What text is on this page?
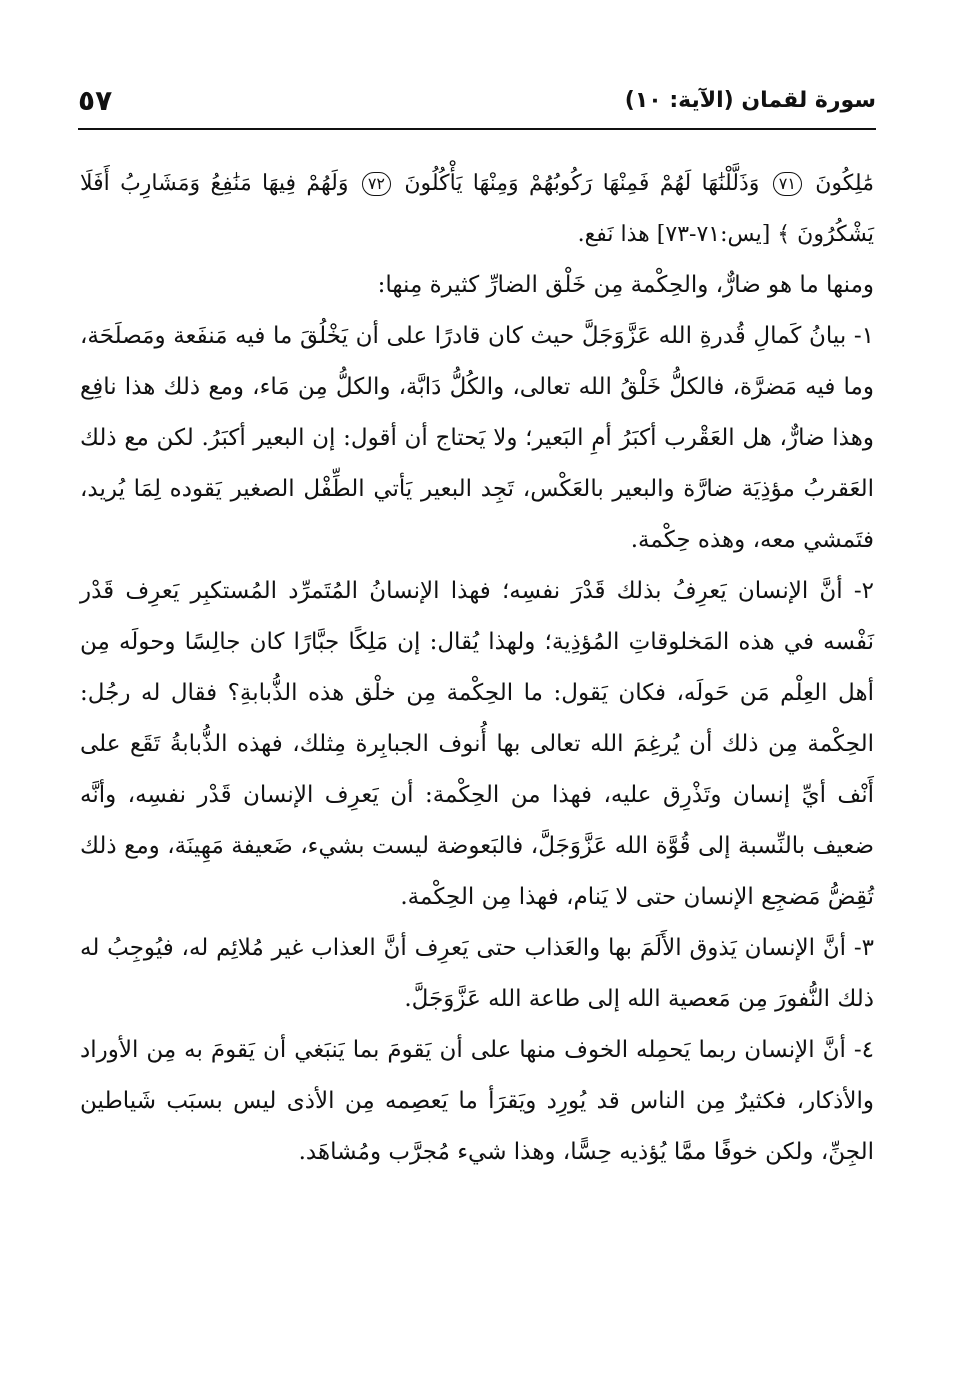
سورة لقمان (الآية: ١٠)
٥٧

مَٰلِكُونَ ٧١ وَذَلَّلْنَٰهَا لَهُمْ فَمِنْهَا رَكُوبُهُمْ وَمِنْهَا يَأْكُلُونَ ٧٢ وَلَهُمْ فِيهَا مَنَٰفِعُ وَمَشَارِبُ أَفَلَا يَشْكُرُونَ ﴾ [يس:٧١-٧٣] هذا نَفع.

ومنها ما هو ضارٌّ، والحِكْمة مِن خَلْق الضارِّ كثيرة مِنها:

١- بيانُ كَمالِ قُدرةِ الله عَزَّوَجَلَّ حيث كان قادرًا على أن يَخْلُقَ ما فيه مَنفَعة ومَصلَحَة، وما فيه مَضرَّة، فالكلُّ خَلْقُ الله تعالى، والكُلُّ دَابَّة، والكلُّ مِن مَاء، ومع ذلك هذا نافِع وهذا ضارٌّ، هل العَقْرب أكبَرُ أمِ البَعير؛ ولا يَحتاج أن أقول: إن البعير أكبَرُ. لكن مع ذلك العَقربُ مؤذِيَة ضارَّة والبعير بالعَكْس، تَجِد البعير يَأتي الطِّفْل الصغير يَقوده لِمَا يُريد، فتَمشي معه، وهذه حِكْمة.

٢- أنَّ الإنسان يَعرِفُ بذلك قَدْرَ نفسِه؛ فهذا الإنسانُ المُتَمرِّد المُستكبِر يَعرِف قَدْر نَفْسه في هذه المَخلوقاتِ المُؤذِية؛ ولهذا يُقال: إن مَلِكًا جبَّارًا كان جالِسًا وحولَه مِن أهل العِلْم مَن حَولَه، فكان يَقول: ما الحِكْمة مِن خلْق هذه الذُّبابةِ؟ فقال له رجُل: الحِكْمة مِن ذلك أن يُرغِمَ الله تعالى بها أُنوف الجبابِرة مِثلك، فهذه الذُّبابةُ تَقَع على أَنْف أيِّ إنسان وتَذْرِق عليه، فهذا من الحِكْمة: أن يَعرِف الإنسان قَدْر نفسِه، وأنَّه ضعيف بالنِّسبة إلى قُوَّة الله عَزَّوَجَلَّ، فالبَعوضة ليست بشيء، ضَعيفة مَهِينَة، ومع ذلك تُقِضُّ مَضجِع الإنسان حتى لا يَنام، فهذا مِن الحِكْمة.

٣- أنَّ الإنسان يَذوق الأَلَمَ بها والعَذاب حتى يَعرِف أنَّ العذاب غير مُلائِم له، فيُوجِبُ له ذلك النُّفورَ مِن مَعصية الله إلى طاعة الله عَزَّوَجَلَّ.

٤- أنَّ الإنسان ربما يَحمِله الخوف منها على أن يَقومَ بما يَنبَغي أن يَقومَ به مِن الأوراد والأذكار، فكثيرٌ مِن الناس قد يُورِد ويَقرَأ ما يَعصِمه مِن الأذى ليس بسبَب شَياطين الجِنِّ، ولكن خوفًا ممَّا يُؤذيه حِسًّا، وهذا شيء مُجرَّب ومُشاهَد.
